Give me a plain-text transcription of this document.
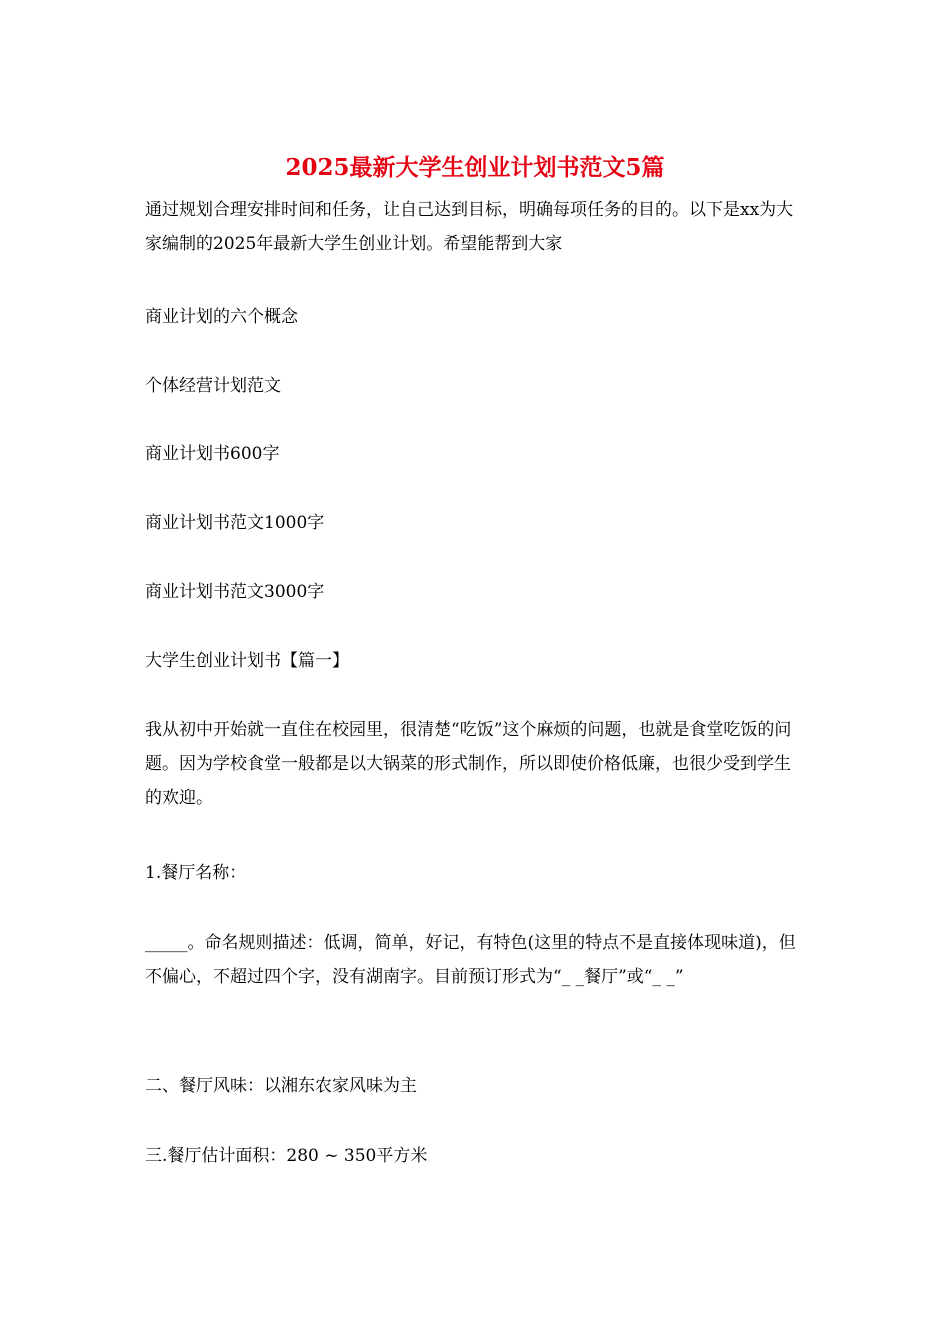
2025最新大学生创业计划书范文5篇

通过规划合理安排时间和任务，让自己达到目标，明确每项任务的目的。以下是xx为大家编制的2025年最新大学生创业计划。希望能帮到大家

商业计划的六个概念

个体经营计划范文

商业计划书600字

商业计划书范文1000字

商业计划书范文3000字

大学生创业计划书【篇一】

我从初中开始就一直住在校园里，很清楚“吃饭”这个麻烦的问题，也就是食堂吃饭的问题。因为学校食堂一般都是以大锅菜的形式制作，所以即使价格低廉，也很少受到学生的欢迎。

1.餐厅名称：

_____。命名规则描述：低调，简单，好记，有特色(这里的特点不是直接体现味道)，但不偏心，不超过四个字，没有湖南字。目前预订形式为“_ _餐厅”或“_ _”

二、餐厅风味：以湘东农家风味为主

三.餐厅估计面积：280 ~ 350平方米
